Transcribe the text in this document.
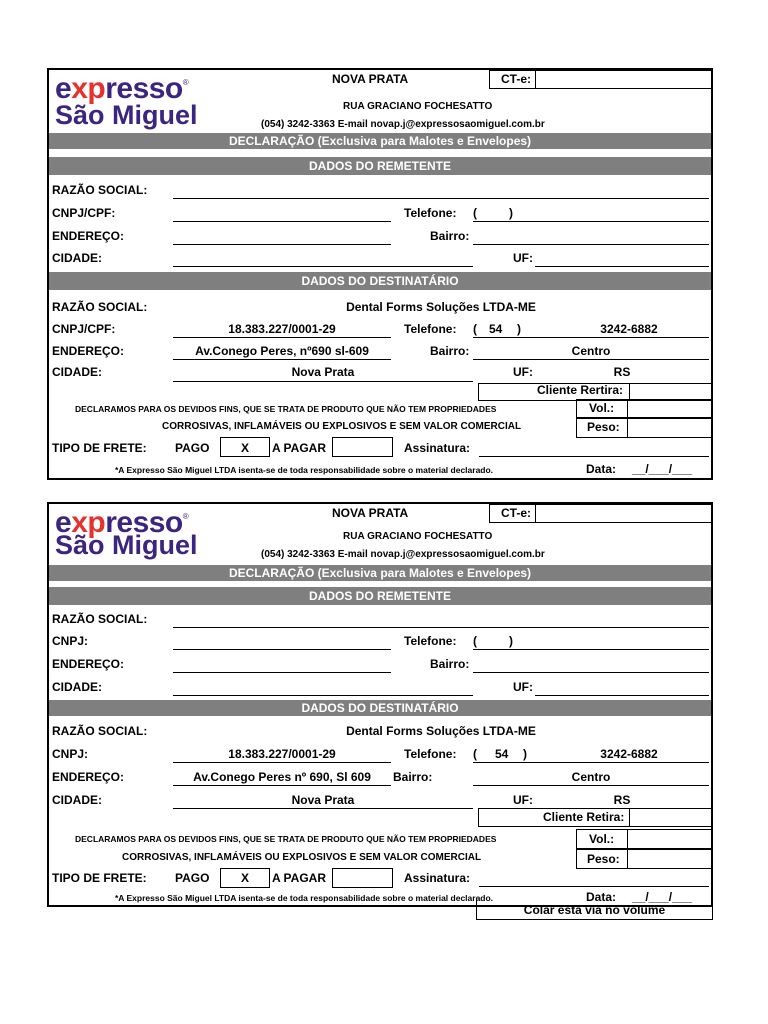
expresso®
São Miguel
NOVA PRATA	CT-e:
RUA GRACIANO FOCHESATTO
(054) 3242-3363 E-mail novap.j@expressosaomiguel.com.br
DECLARAÇÃO (Exclusiva para Malotes e Envelopes)
DADOS DO REMETENTE
RAZÃO SOCIAL:
CNPJ/CPF:	Telefone: (	)
ENDEREÇO:	Bairro:
CIDADE:	UF:
DADOS DO DESTINATÁRIO
RAZÃO SOCIAL:	Dental Forms Soluções LTDA-ME
CNPJ/CPF:	18.383.227/0001-29	Telefone: ( 54 )	3242-6882
ENDEREÇO:	Av.Conego Peres, nº690 sl-609	Bairro:	Centro
CIDADE:	Nova Prata	UF:	RS
Cliente Rertira:
DECLARAMOS PARA OS DEVIDOS FINS, QUE SE TRATA DE PRODUTO QUE NÃO TEM PROPRIEDADES
CORROSIVAS, INFLAMÁVEIS OU EXPLOSIVOS E SEM VALOR COMERCIAL
Vol.:
Peso:
TIPO DE FRETE: PAGO	X	A PAGAR	Assinatura:
*A Expresso São Miguel LTDA isenta-se de toda responsabilidade sobre o material declarado.	Data: __/___/___
expresso®
São Miguel
NOVA PRATA	CT-e:
RUA GRACIANO FOCHESATTO
(054) 3242-3363 E-mail novap.j@expressosaomiguel.com.br
DECLARAÇÃO (Exclusiva para Malotes e Envelopes)
DADOS DO REMETENTE
RAZÃO SOCIAL:
CNPJ:	Telefone: (	)
ENDEREÇO:	Bairro:
CIDADE:	UF:
DADOS DO DESTINATÁRIO
RAZÃO SOCIAL:	Dental Forms Soluções LTDA-ME
CNPJ:	18.383.227/0001-29	Telefone: ( 54 )	3242-6882
ENDEREÇO:	Av.Conego Peres nº 690, Sl 609	Bairro:	Centro
CIDADE:	Nova Prata	UF:	RS
Cliente Retira:
DECLARAMOS PARA OS DEVIDOS FINS, QUE SE TRATA DE PRODUTO QUE NÃO TEM PROPRIEDADES
CORROSIVAS, INFLAMÁVEIS OU EXPLOSIVOS E SEM VALOR COMERCIAL
Vol.:
Peso:
TIPO DE FRETE: PAGO	X	A PAGAR	Assinatura:
*A Expresso São Miguel LTDA isenta-se de toda responsabilidade sobre o material declarado.	Data: __/___/___
Colar esta via no volume
